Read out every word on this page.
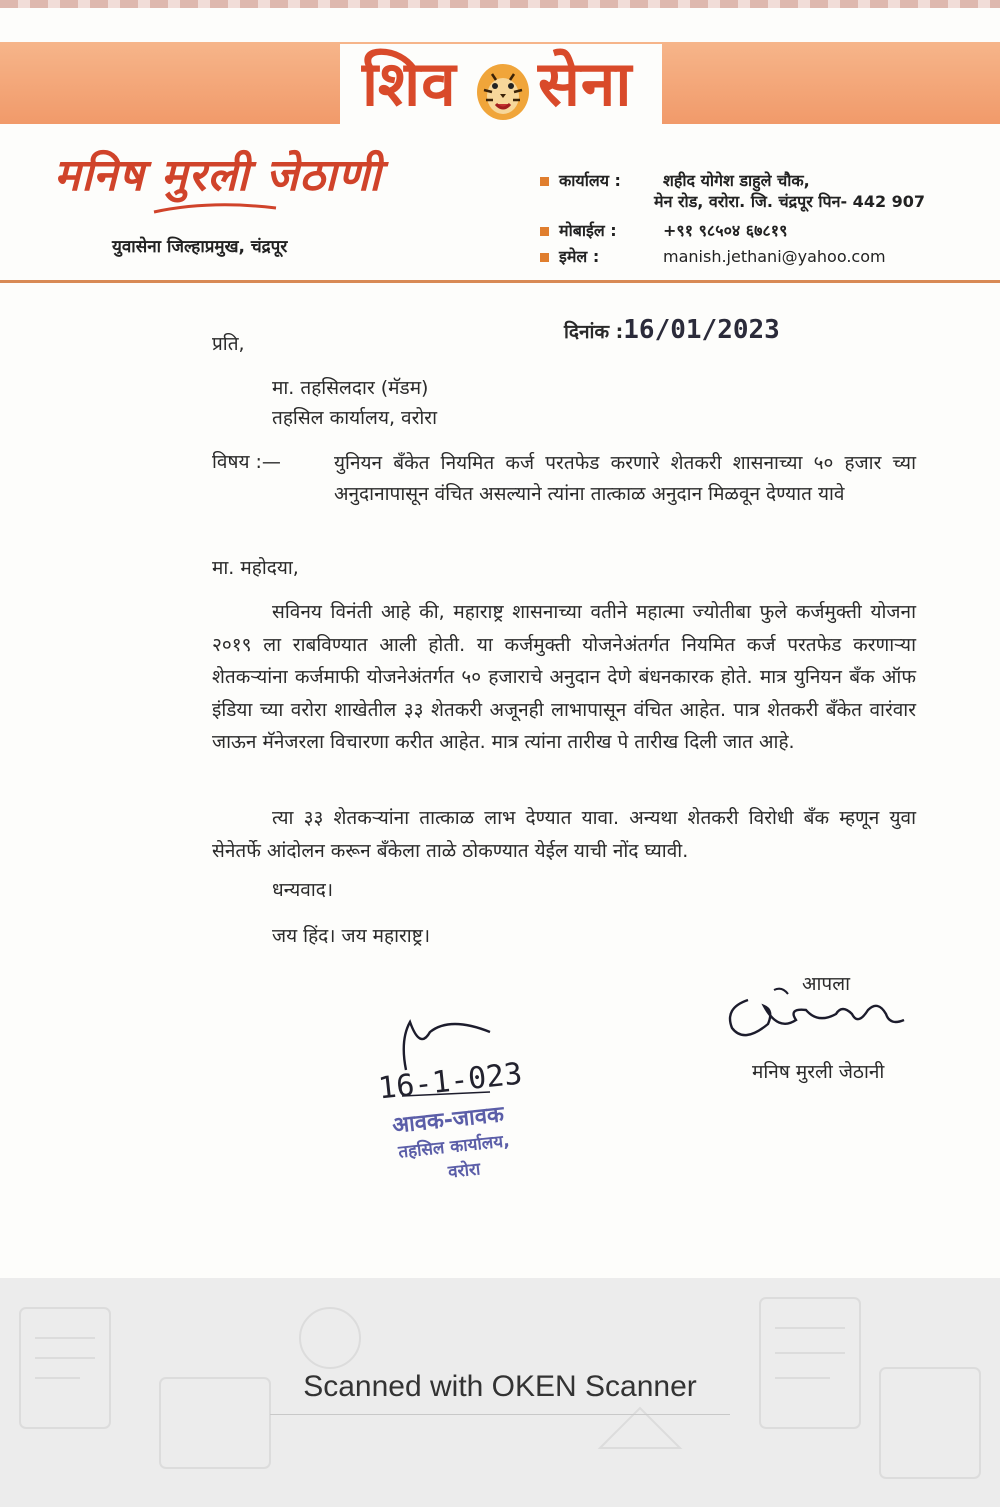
शिव सेना
मनिष मुरली जेठाणी
युवासेना जिल्हाप्रमुख, चंद्रपूर
कार्यालय :	शहीद योगेश डाहुले चौक,
मेन रोड, वरोरा. जि. चंद्रपूर पिन- 442 907
मोबाईल :	+९१ ९८५०४ ६७८१९
इमेल :	manish.jethani@yahoo.com
प्रति,
दिनांक :16/01/2023
मा. तहसिलदार (मॅडम)
तहसिल कार्यालय, वरोरा
विषय :—	युनियन बॅंकेत नियमित कर्ज परतफेड करणारे शेतकरी शासनाच्या ५० हजार च्या अनुदानापासून वंचित असल्याने त्यांना तात्काळ अनुदान मिळवून देण्यात यावे
मा. महोदया,
सविनय विनंती आहे की, महाराष्ट्र शासनाच्या वतीने महात्मा ज्योतीबा फुले कर्जमुक्ती योजना २०१९ ला राबविण्यात आली होती. या कर्जमुक्ती योजनेअंतर्गत नियमित कर्ज परतफेड करणाऱ्या शेतकऱ्यांना कर्जमाफी योजनेअंतर्गत ५० हजाराचे अनुदान देणे बंधनकारक होते. मात्र युनियन बॅंक ऑफ इंडिया च्या वरोरा शाखेतील ३३ शेतकरी अजूनही लाभापासून वंचित आहेत. पात्र शेतकरी बॅंकेत वारंवार जाऊन मॅनेजरला विचारणा करीत आहेत. मात्र त्यांना तारीख पे तारीख दिली जात आहे.
त्या ३३ शेतकऱ्यांना तात्काळ लाभ देण्यात यावा. अन्यथा शेतकरी विरोधी बॅंक म्हणून युवा सेनेतर्फे आंदोलन करून बॅंकेला ताळे ठोकण्यात येईल याची नोंद घ्यावी.
धन्यवाद।
जय हिंद। जय महाराष्ट्र।
आपला
मनिष मुरली जेठानी
16-1-023
आवक-जावक
तहसिल कार्यालय,
वरोरा
Scanned with OKEN Scanner
